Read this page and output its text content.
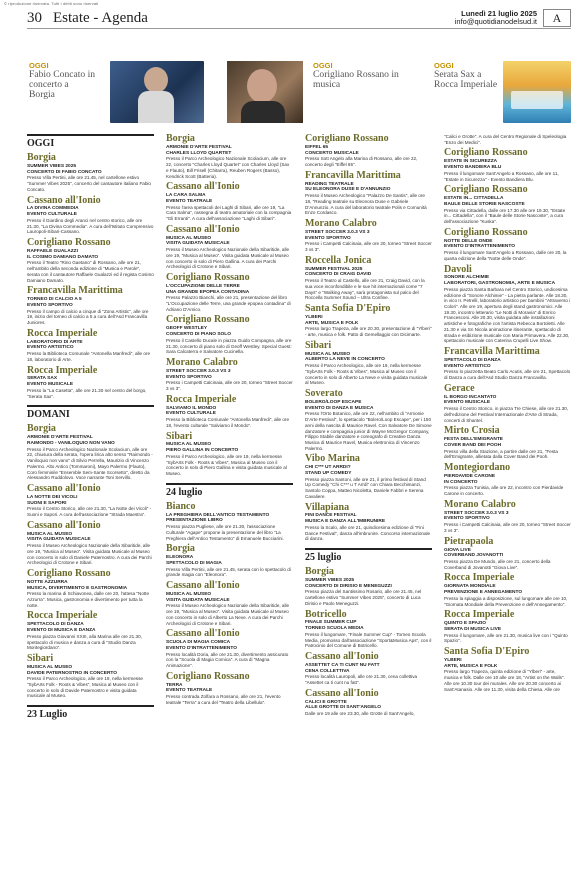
© riproduzione riservata. Tutti i diritti sono riservati
30 Estate - Agenda	Lunedì 21 luglio 2025
info@quotidianodelsud.it	A
OGGI
Fabio Concato in concerto a Borgia
OGGI
Corigliano Rossano in musica
OGGI
Serata Sax a Rocca Imperiale
OGGI
Borgia
SUMMER VIBES 2025
CONCERTO DI FABIO CONCATO
Presso Villa Pertini, alle ore 21.45, nel cartellone estivo "Summer Vibes 2025", concerto del cantautore italiano Fabio Concato.
Cassano all'Ionio
LA DIVINA COMMEDIA
EVENTO CULTURALE
Presso il Giardino degli Aranci nel centro storico, alle ore 21.30, "La Divina Commedia". A cura dell'Istituto Comprensivo Lauropoli-Sibari-Cassano.
Corigliano Rossano
RAFFAELE GUALAZZI
IL COSIMO DAMIANO DAMATO
Presso il Teatro "Rino Gaetano" di Rossano, alle ore 21, nell'ambito della seconda edizione di "Musica e Parole", serata con il cantautore Raffaele Gualazzi ed il regista Cosimo Damiano Damato.
Francavilla Marittima
TORNEO DI CALCIO A 5
EVENTO SPORTIVO
Presso il campo di calcio a cinque di "Zona Artistic", alle ore 19, inizio del torneo di calcio a 5 a cura dell'Asd Francavilla Juniores.
Rocca Imperiale
LABORATORIO DI ARTE
EVENTO ARTISTICO
Presso la Biblioteca Comunale "Antonella Manfredi", alle ore 18, laboratorio di Arte.
Rocca Imperiale
SERATA SAX
EVENTO MUSICALE
Presso la "La Casetta", alle ore 21.30 nel centro del borgo, "Serata Sax".
DOMANI
Borgia
ARMONIE D'ARTE FESTIVAL
RAIMONDO - VANILOQUIO NON VANO
Presso il Parco Archeologico Nazionale Scolacium, alle ore 22, chiusura della serata, l'opera lirica alto senso "Raimondo - Vaniloquio non vano" di Silvio Perrella, Maurizio di Vincenzo Palermo. Alto Antico (Tommaroni), Mayo Palermo (Flauto), Coro femminile "Ensemble Sem-Sante Scorsetto", diretto da Alessandro Ruddolovo. Voce narrante Toni Servillo.
Cassano all'Ionio
LA NOTTE DEI VICOLI
SUONI E SAPORI
Presso il Centro Storico, alle ore 21.30, "La Notte dei Vicoli" - Suoni e Sapori. A cura dell'associazione "Strada Maestra".
Cassano all'Ionio
MUSICA AL MUSEO
VISITA GUIDATA MUSICALE
Presso il Museo Archeologico Nazionale della Sibaritide, alle ore 19, "Musica al Museo". Visita guidata Musicale al Museo con concerto in solo di Daniele Paternostro. A cura dei Parchi Archeologici di Crotone e Sibari.
Corigliano Rossano
NOTTE AZZURRA
MUSICA, DIVERTIMENTO E GASTRONOMIA
Presso la marina di Schiavonea, dalle ore 20, l'attesa "Notte Azzurra". Musica, gastronomia e divertimento per tutta la notte.
Rocca Imperiale
SPETTACOLO DI DANZA
EVENTO DI MUSICA E DANZA
Presso piazza Giovanni XXIII, alla Marina alle ore 21.30, spettacolo di musica e danza a cura di "Studio Danza Montegiordano".
Sibari
MUSICA AL MUSEO
DAVIDE PATERNOSTRO IN CONCERTO
Presso il Parco Archeologico, alle ore 19, nella kermesse "SybArts Folk - Roots & Vibes", Musica al Museo con il concerto in solo di Davide Paternostro e visita guidata musicale al Museo.
23 Luglio
Borgia
ARMONIE D'ARTE FESTIVAL
CHARLES LLOYD QUARTET
Presso il Parco Archeologico Nazionale Scolacium, alle ore 22, concerto "Charles Lloyd Quartet" con Charles Lloyd (Sax e Flauto), Bill Frisell (Chitarra), Reuben Rogers (Basso), Kendrick Scott (Batteria).
Cassano all'Ionio
LA CARA SALMA
EVENTO TEATRALE
Presso l'area spettacoli dei Laghi di Sibari, alle ore 19, "La Cara Salma", rassegna di teatro amatoriale con la compagnia "Gli Erranti". A cura dell'associazione "Laghi di Sibari".
Cassano all'Ionio
MUSICA AL MUSEO
VISITA GUIDATA MUSICALE
Presso il Museo Archeologico Nazionale della Sibaritide, alle ore 19, "Musica al Museo". Visita guidata Musicale al Museo con concerto in solo di Piero Gallina. A cura dei Parchi Archeologici di Crotone e Sibari.
Corigliano Rossano
L'OCCUPAZIONE DELLE TERRE
UNA GRANDE EPOPEA CONTADINA
Presso Palazzo Bianchi, alle ore 21, presentazione del libro "L'Occupazione delle Terre, una grande epopea contadina" di Adriano D'Amico.
Corigliano Rossano
GEOFF WESTLEY
CONCERTO DI PIANO SOLO
Presso il Castello Ducale in piazza Guido Compagna, alle ore 21.30, concerto di piano solo di Geoff Westley. Special Guest: Sara Calcaterra e Salvatore Cucinella.
Morano Calabro
STREET SOCCER 3.0.3 VS 3
EVENTO SPORTIVO
Presso i Campetti Calcinaia, alle ore 20, torneo "Street Soccer 3 vs 3".
Rocca Imperiale
SALVIAMO IL MONDO
EVENTO CULTURALE
Presso la Biblioteca Comunale "Antonella Manfredi", alle ore 18, l'evento culturale "Salviamo il Mondo".
Sibari
MUSICA AL MUSEO
PIERO GALLINA IN CONCERTO
Presso il Parco Archeologico, alle ore 19, nella kermesse "SybArts Folk - Roots & Vibes", Musica al Museo con il concerto in solo di Piero Gallina e visita guidata musicale al Museo.
24 luglio
Bianco
LA PREGHIERA DELL'ANTICO TESTAMENTO
PRESENTAZIONE LIBRO
Presso piazza Pugliese, alle ore 21.30, l'associazione Culturale "Agape" propone la presentazione del libro "La Preghiera dell'Antico Testamento" di Emanuele Bucciarini.
Borgia
ELEONORA
SPETTACOLO DI MAGIA
Presso Villa Pertini, alle ore 21.45, serata con lo spettacolo di grande magia con "Eleonora".
Cassano all'Ionio
MUSICA AL MUSEO
VISITA GUIDATA MUSICALE
Presso il Museo Archeologico Nazionale della Sibaritide, alle ore 19, "Musica al Museo". Visita guidata Musicale al Museo con concerto in solo di Alberto La Neve. A cura dei Parchi Archeologici di Crotone e Sibari.
Cassano all'Ionio
SCUOLA DI MAGIA COMICA
EVENTO D'INTRATTENIMENTO
Presso località Doria, alle ore 21.30, divertimento assicurato con la "Scuola di Magia Comica". A cura di "Magna Animazione".
Corigliano Rossano
TERRA
EVENTO TEATRALE
Presso contrada Zolfara a Rossano, alle ore 21, l'evento teatrale "Terra" a cura del "Teatro della Libellula".
Corigliano Rossano
EIFFEL 65
CONCERTO MUSICALE
Presso Sott Angelo alla Marina di Rossano, alle ore 22, concerto degli "Eiffel 65".
Francavilla Marittima
READING TEATRALE
SU ELEONORA DUSE E D'ANNUNZIO
Presso il Museo Archeologico "Palazzo De Santis", alle ore 18, "Reading teatrale su Eleonora Duse e Gabriele D'Annunzio. A cura del laboratorio teatrale Polis e Comunità Enzo Cordasco.
Morano Calabro
STREET SOCCER 3.0.3 VS 3
EVENTO SPORTIVO
Presso i Campetti Calcinaia, alle ore 20, torneo "Street Soccer 3 vs 3".
Roccella Jonica
SUMMER FESTIVAL 2025
CONCERTO DI CRAIG DAVID
Presso il Teatro al Castello, alle ore 21, Craig David, con la sua voce inconfondibile e le sue hit internazionali come "7 Days" e "Walking Away", sarà protagonista sul palco del Roccella Summer Sound – Ultra Confine.
Santa Sofia D'Epiro
YLBERI
ARTE, MUSICA E FOLK
Presso largo Trapeza, alle ore 20.30, presentazione di "Ylberi" - arte, musica e folk. Patto di Gemellaggio con Dicimarte.
Sibari
MUSICA AL MUSEO
ALBERTO LA NEVE IN CONCERTO
Presso il Parco Archeologico, alle ore 19, nella kermesse "SybArts Folk - Roots & Vibes", Musica al Museo con il concerto in solo di Alberto La Neve e visita guidata musicale al Museo.
Soverato
BOLERO/LOOP ESCAPE
EVENTO DI DANZA E MUSICA
Presso l'Orto Botanico, alle ore 22, nell'ambito di "Armonie D'Arte Festival", lo spettacolo "Bolero/Loop Escape", per i 150 anni della nascita di Maurice Ravel. Con Salvatore De Simone danzatore e compagnia junior di Wayne McGregor Company, Filippo Stabile danzatore e coreografo di Creative Danza Musica di Maurice Ravel, Musica elettronica di Vincenzo Palermo.
Vibo Marina
CHI C*** UT ARRDI?
STAND UP COMEDY
Presso piazza Santoni, alle ore 21, il primo festival di Stand Up Comedy "Chi C*** u T Arrdi" con Chiara Becchimanzi, Santolo Coppa, Matteo Nicoletta, Daniele Fabbri e Serena Cavaliere.
Villapiana
FINI DANCE FESTIVAL
MUSICA E DANZA ALL'IMBRUNIRE
Presso la Scalo, alle ore 21, quindicesima edizione di "Fini Dance Festival", danza all'imbrunire. Concorso internazionale di danza.
25 luglio
Borgia
SUMMER VIBES 2025
CONCERTO DI DIRISIO E MENEGUZZI
Presso piazza del Santissimo Rosario, alle ore 21.45, nel cartellone estivo "Summer Vibes 2025", concerto di Luca Dirisio e Paolo Meneguzzi.
Botricello
FINALE SUMMER CUP
TORNEO SCUOLA MEDIA
Presso il lungomare, "Finale Summer Cup" - Torneo Scuola Media, promosso dall'associazione "Sport&Musica Aps", con il Patrocinio del Comune di Botricello.
Cassano all'Ionio
ASSETTET CA TI CUNT NU FATT
CENA COLLETTIVA
Presso località Lauropoli, alle ore 21.30, cena collettiva "Assettet ca ti cunt nu fatt".
Cassano all'Ionio
CALICI E GROTTE
ALLE GROTTE DI SANT'ANGELO
Dalle ore 19 alle ore 23.30, alle Grotte di Sant'Angelo,
"Calici e Grotte". A cura del Centro Regionale di Speleologia "Enzo dei Medici".
Corigliano Rossano
ESTATE IN SICUREZZA
EVENTO BANDIERA BLU
Presso il lungomare Sant'Angelo a Rossano, alle ore 11, "Estate in Sicurezza" - Evento Bandiera Blu.
Corigliano Rossano
ESTATE IN... CITTADELLA
BAULE DELLE STORIE NASCOSTE
Presso via Cittadella, dalle ore 17.30 alle ore 19.30, "Estate in... Cittadella", con il "Baule delle Storie Nascoste", a cura dell'associazione "Kuska".
Corigliano Rossano
NOTTE DELLE ONDE
EVENTO D'INTRATTENIMENTO
Presso il lungomare Sant'Angelo a Rossano, dalle ore 20, la quarta edizione della "Notte delle Onde".
Davoli
SONORE ALCHIMIE
LABORATORI, GASTRONOMIA, ARTE E MUSICA
Presso piazza Santa Barbara nel Centro Storico, undicesima edizione di "Sonore Alchimie" - La pietra parlante. Alle 18.30, in vico II. Petrelli, laboratorio artistico per bambini "Attraverso i Colori". Alle ore 19, apertura degli stand gastronomici. Alle 19.30, incontro letterario "Le Notti di Moravia" di Enrico Francesconi. Alle 20.30, visita guidata alle installazioni artistiche e fotografiche con l'artista Rebecca Bortoletti. Alle 21.30 e via Sn Nicola animazione itinerante, spettacolo di strada e esibizione musicale con Maria Primavera. Alle 22.30, spettacolo musicale con Caterina Crupelli Live Show.
Francavilla Marittima
SPETTACOLO DI DANZA
EVENTO ARTISTICO
Presso lo piazzetta Beato Carlo Acutis, alle ore 21, Spettacolo di Danza a cura dell'Asd Studio Danza Francavilla.
Gerace
IL BORGO INCANTATO
EVENTO MUSICALE
Presso il Centro Storico, in piazza Tre Chiese, alle ore 21.30, dell'edizione del Festival Internazionale d'Arte di Strada, concerti di Shantel.
Mirto Crosia
FESTA DELL'EMIGRANTE
COVER BAND DEI POOH
Presso villa della Stazione, a partire dalle ore 21, "Festa dell'Emigrante, allietata dalla Cover Band dei Pooh.
Montegiordano
PIERDAVIDE CARONE
IN CONCERTO
Presso piazza Tunisia, alle ore 22, incontro con Pierdavide Carone in concerto.
Morano Calabro
STREET SOCCER 3.0.3 VS 3
EVENTO SPORTIVO
Presso i Campetti Calcinaia, alle ore 20, torneo "Street Soccer 3 vs 3".
Pietrapaola
GIOVA LIVE
COVERBAND JOVANOTTI
Presso piazza De Mundo, alle ore 21, concerto della Coverband di Jovanotti "Giova Live".
Rocca Imperiale
GIORNATA MONDIALE
PREVENZIONE E ANNEGAMENTO
Presso la spiaggia a disposizione, sul lungomare alle ore 10, "Giornata Mondiale della Prevenzione e dell'Annegamento".
Rocca Imperiale
QUINTO E SPAZIO
SERATA DI MUSICA LIVE
Presso il lungomare, alle ore 21.30, musica live con i "Quinto Spazio".
Santa Sofia D'Epiro
YLBERI
ARTE, MUSICA E FOLK
Presso largo Trapeza, quinta edizione di "Ylberi" - arte, musica e folk. Dalle ore 10 alle ore 18, "Artist on the Walls". Alle ore 10.30 tour dei murales. Alle ore 20.30 concerto ai Sant'Atanasio. Alle ore 11.30, visita della Chiesa. Alle ore
